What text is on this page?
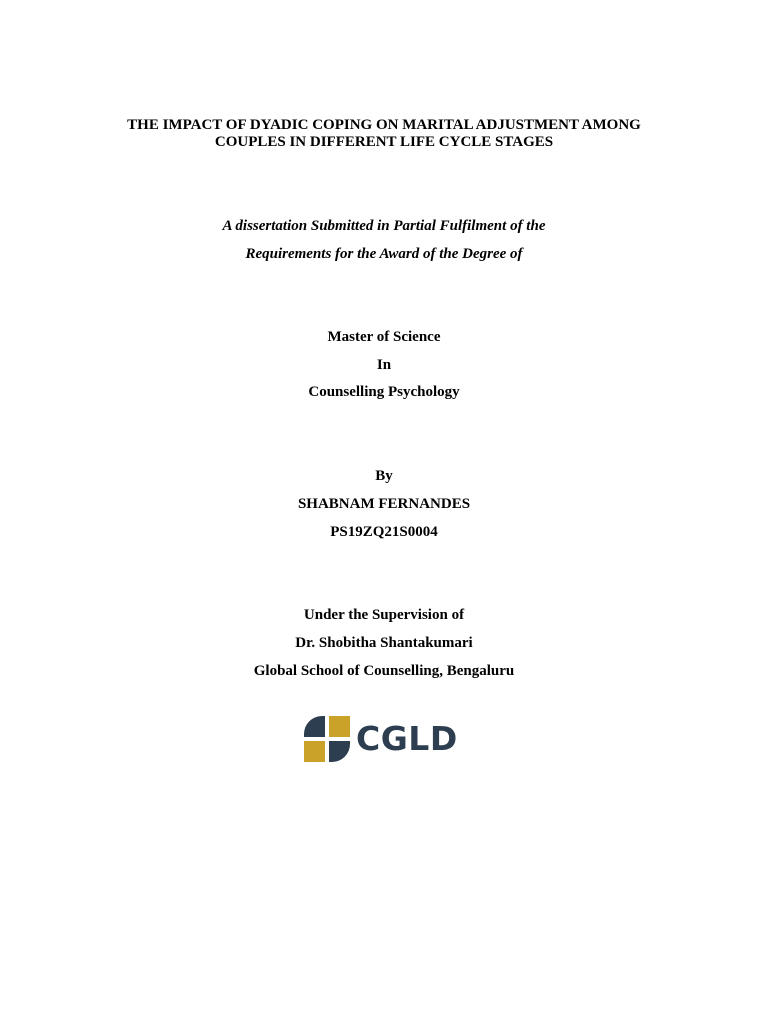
THE IMPACT OF DYADIC COPING ON MARITAL ADJUSTMENT AMONG
COUPLES IN DIFFERENT LIFE CYCLE STAGES
A dissertation Submitted in Partial Fulfilment of the
Requirements for the Award of the Degree of
Master of Science
In
Counselling Psychology
By
SHABNAM FERNANDES
PS19ZQ21S0004
Under the Supervision of
Dr. Shobitha Shantakumari
Global School of Counselling, Bengaluru
CGLD
